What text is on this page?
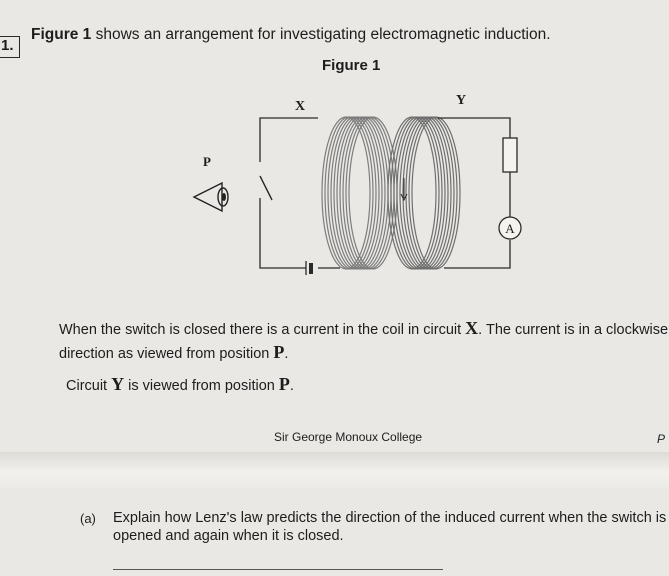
1.
Figure 1 shows an arrangement for investigating electromagnetic induction.
Figure 1
X	Y
P
A
When the switch is closed there is a current in the coil in circuit X. The current is in a clockwise
direction as viewed from position P.
Circuit Y is viewed from position P.
Sir George Monoux College	P
(a) Explain how Lenz's law predicts the direction of the induced current when the switch is
opened and again when it is closed.
